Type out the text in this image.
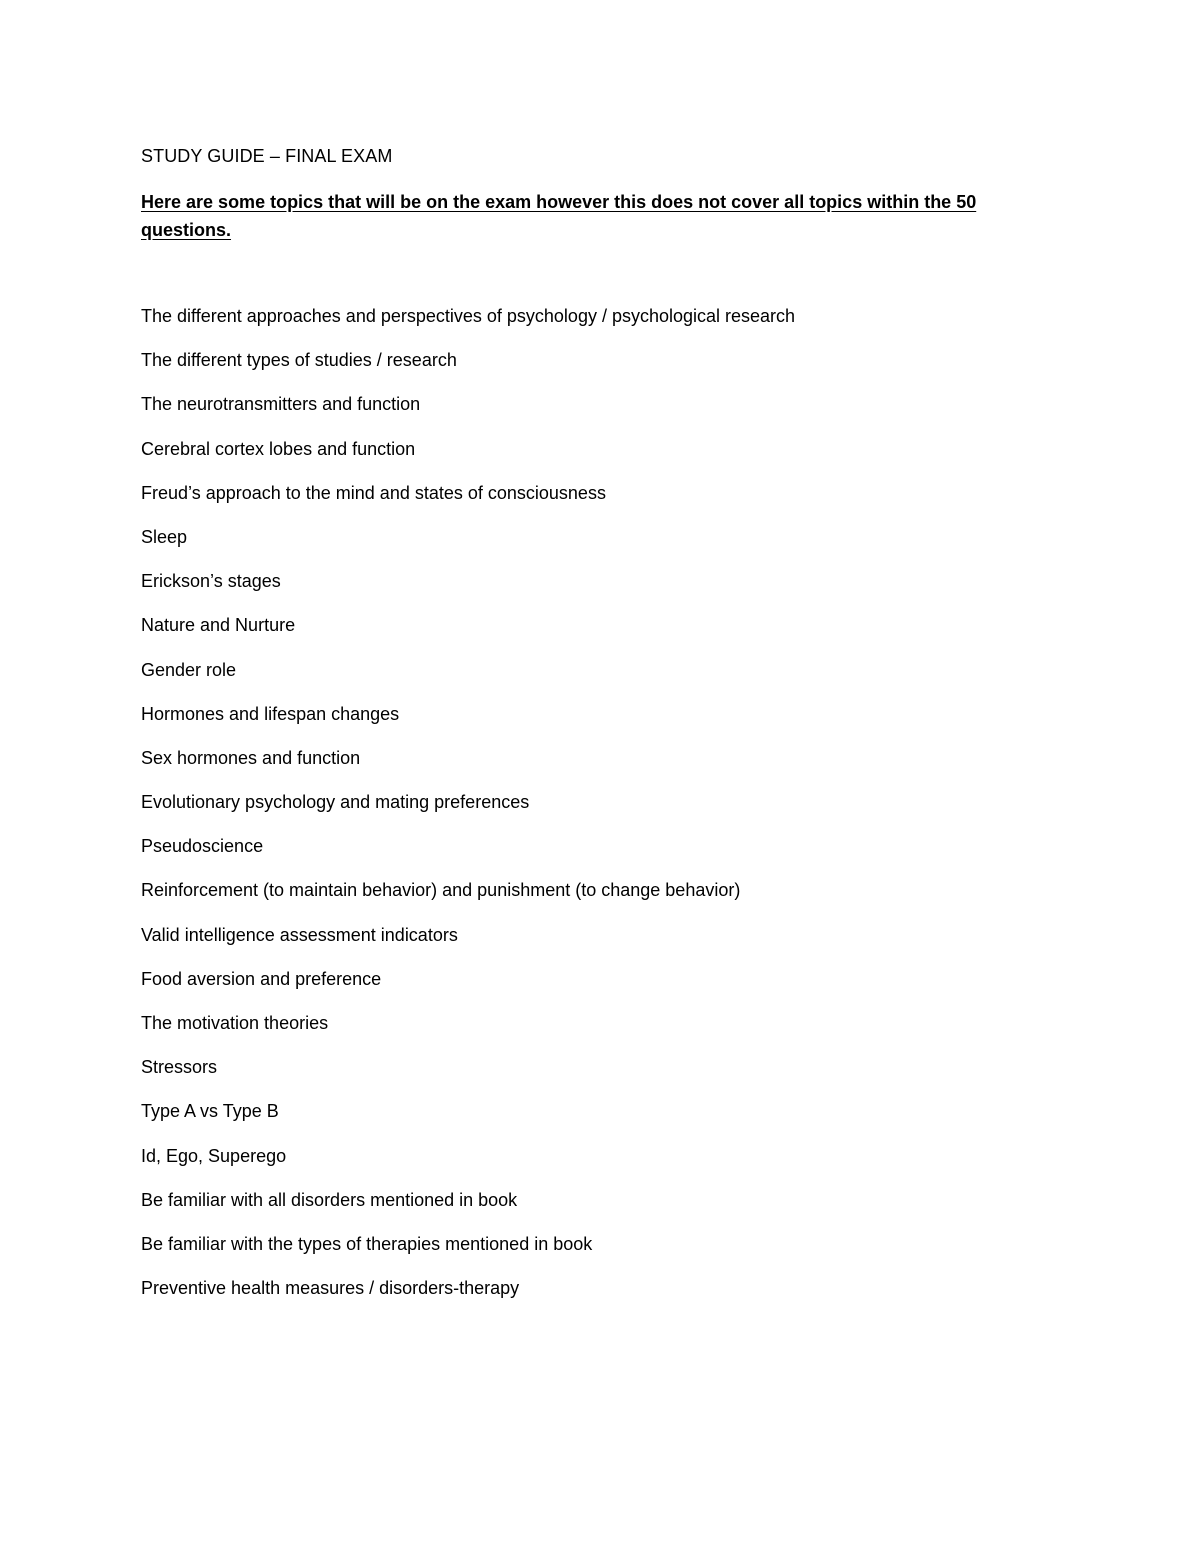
STUDY GUIDE – FINAL EXAM
Here are some topics that will be on the exam however this does not cover all topics within the 50 questions.
The different approaches and perspectives of psychology / psychological research
The different types of studies / research
The neurotransmitters and function
Cerebral cortex lobes and function
Freud’s approach to the mind and states of consciousness
Sleep
Erickson’s stages
Nature and Nurture
Gender role
Hormones and lifespan changes
Sex hormones and function
Evolutionary psychology and mating preferences
Pseudoscience
Reinforcement (to maintain behavior) and punishment (to change behavior)
Valid intelligence assessment indicators
Food aversion and preference
The motivation theories
Stressors
Type A vs Type B
Id, Ego, Superego
Be familiar with all disorders mentioned in book
Be familiar with the types of therapies mentioned in book
Preventive health measures / disorders-therapy
